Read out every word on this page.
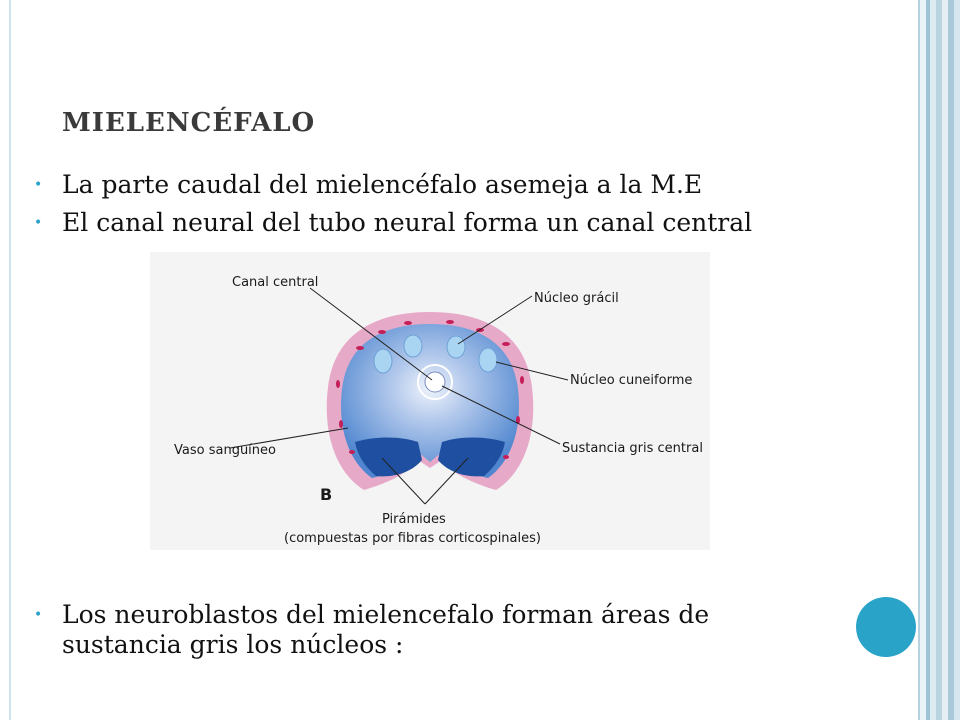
MIELENCÉFALO
• La parte caudal del mielencéfalo asemeja a la M.E
• El canal neural del tubo neural forma un canal central
Canal central
Núcleo grácil
Núcleo cuneiforme
Vaso sanguíneo	Sustancia gris central
B
Pirámides
(compuestas por fibras corticospinales)
• Los neuroblastos del mielencefalo forman áreas de sustancia gris los núcleos :
